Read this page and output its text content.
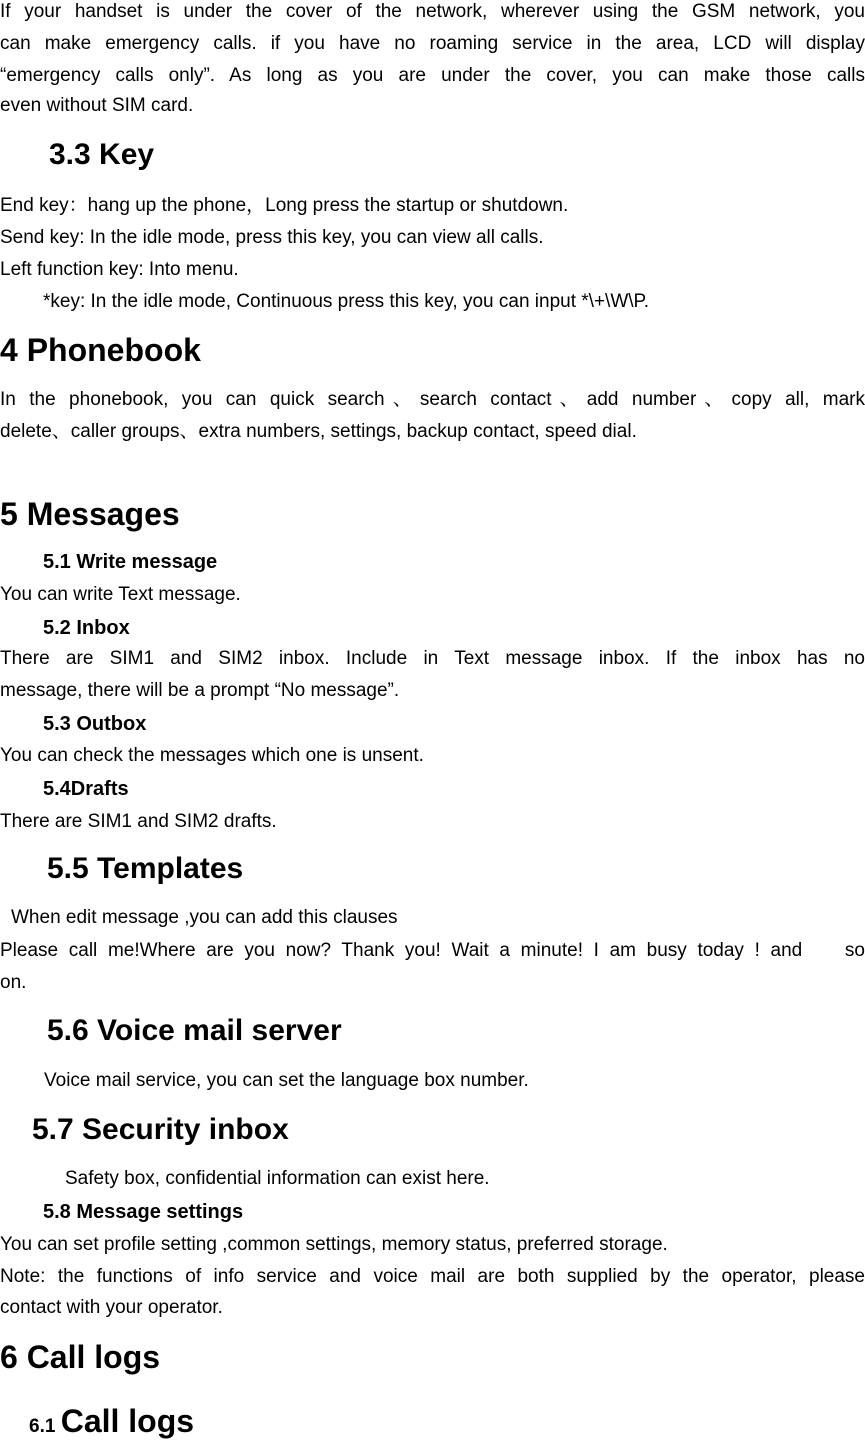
If your handset is under the cover of the network, wherever using the GSM network, you
can make emergency calls. if you have no roaming service in the area, LCD will display
“emergency calls only”. As long as you are under the cover, you can make those calls
even without SIM card.
3.3 Key
End key：hang up the phone，Long press the startup or shutdown.
Send key: In the idle mode, press this key, you can view all calls.
Left function key: Into menu.
*key: In the idle mode, Continuous press this key, you can input *\+\W\P.
4 Phonebook
In the phonebook, you can quick search、search contact、add number、copy all, mark
delete、caller groups、extra numbers, settings, backup contact, speed dial.
5 Messages
5.1 Write message
You can write Text message.
5.2 Inbox
There are SIM1 and SIM2 inbox. Include in Text message inbox. If the inbox has no
message, there will be a prompt “No message”.
5.3 Outbox
You can check the messages which one is unsent.
5.4Drafts
There are SIM1 and SIM2 drafts.
5.5 Templates
When edit message ,you can add this clauses
Please call me!Where are you now? Thank you! Wait a minute! I am busy today ! and    so
on.
5.6 Voice mail server
Voice mail service, you can set the language box number.
5.7 Security inbox
Safety box, confidential information can exist here.
5.8 Message settings
You can set profile setting ,common settings, memory status, preferred storage.
Note: the functions of info service and voice mail are both supplied by the operator, please
contact with your operator.
6 Call logs
6.1 Call logs
